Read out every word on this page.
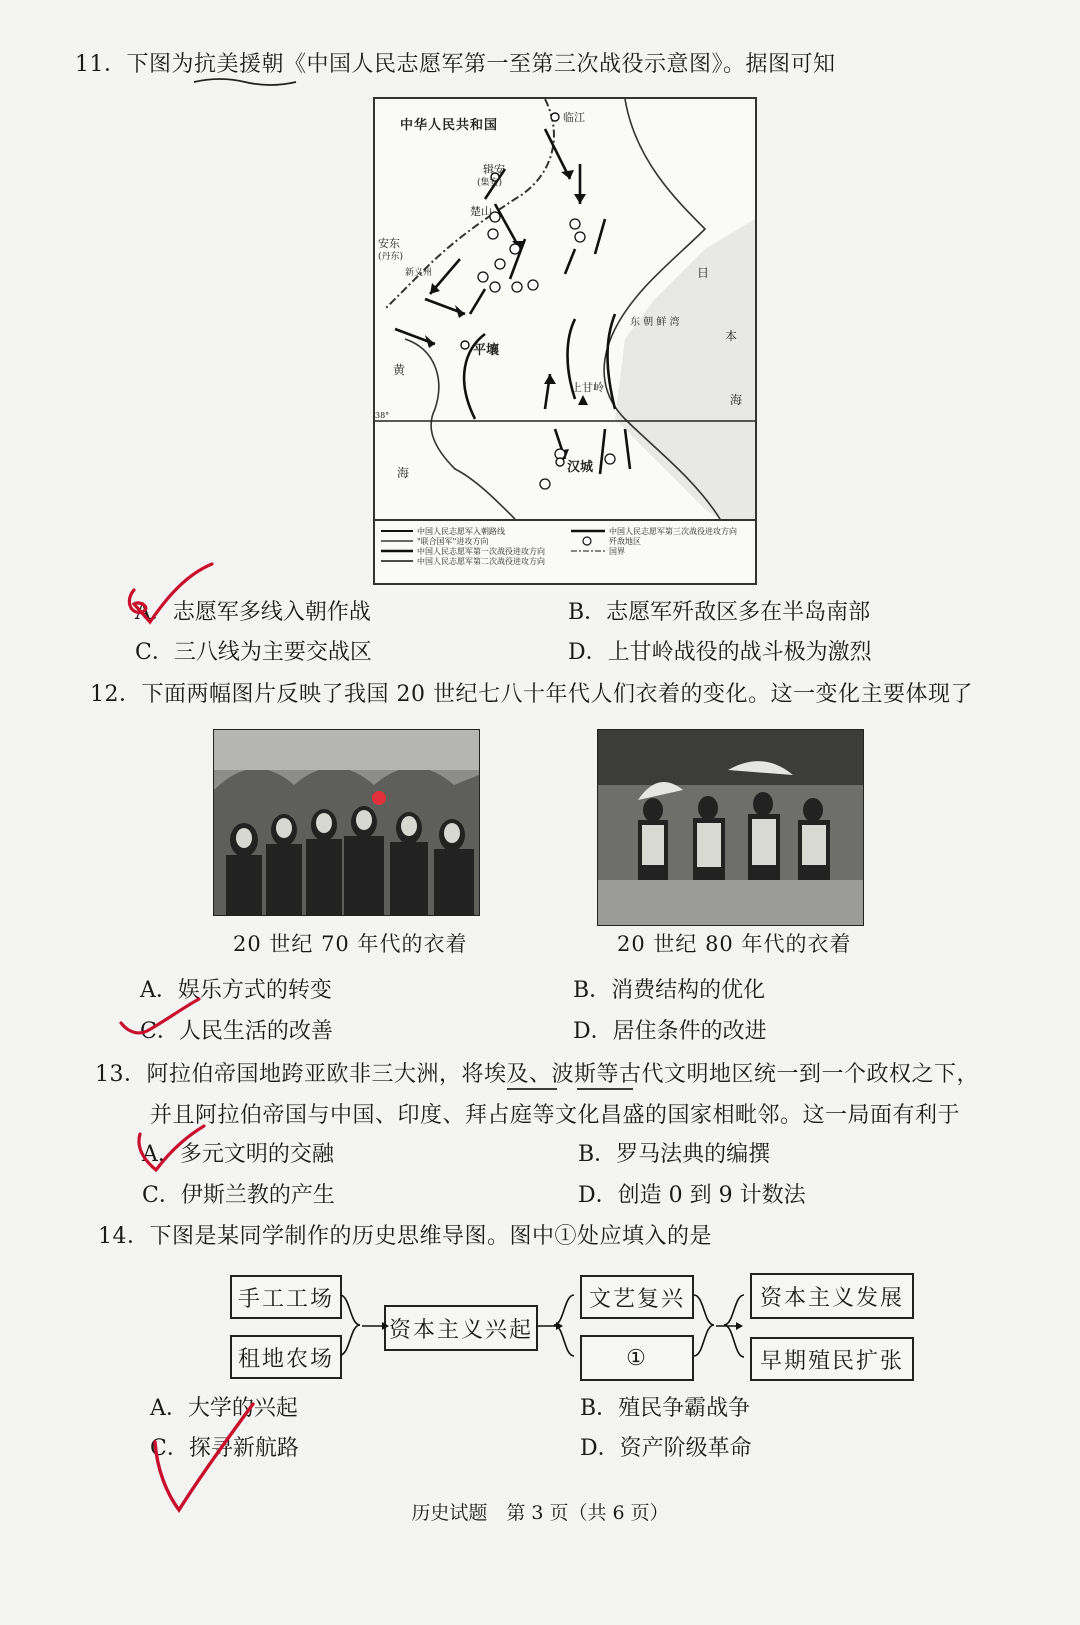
11．下图为抗美援朝《中国人民志愿军第一至第三次战役示意图》。据图可知
中华人民共和国
临江
辑安
(集安)
楚山
安东
(丹东)
新义州
平壤
上甘岭
汉城
黄
海
日
本
海
东 朝 鲜 湾
38°
中国人民志愿军入朝路线
"联合国军"进攻方向
中国人民志愿军第一次战役进攻方向
中国人民志愿军第二次战役进攻方向
中国人民志愿军第三次战役进攻方向
歼敌地区
国界
A．志愿军多线入朝作战	B．志愿军歼敌区多在半岛南部
C．三八线为主要交战区	D．上甘岭战役的战斗极为激烈
12．下面两幅图片反映了我国 20 世纪七八十年代人们衣着的变化。这一变化主要体现了
20 世纪 70 年代的衣着	20 世纪 80 年代的衣着
A．娱乐方式的转变	B．消费结构的优化
C．人民生活的改善	D．居住条件的改进
13．阿拉伯帝国地跨亚欧非三大洲，将埃及、波斯等古代文明地区统一到一个政权之下，
并且阿拉伯帝国与中国、印度、拜占庭等文化昌盛的国家相毗邻。这一局面有利于
A．多元文明的交融	B．罗马法典的编撰
C．伊斯兰教的产生	D．创造 0 到 9 计数法
14．下图是某同学制作的历史思维导图。图中①处应填入的是
手工工场
租地农场
资本主义兴起
文艺复兴
①
资本主义发展
早期殖民扩张
A．大学的兴起	B．殖民争霸战争
C．探寻新航路	D．资产阶级革命
历史试题　第 3 页（共 6 页）
